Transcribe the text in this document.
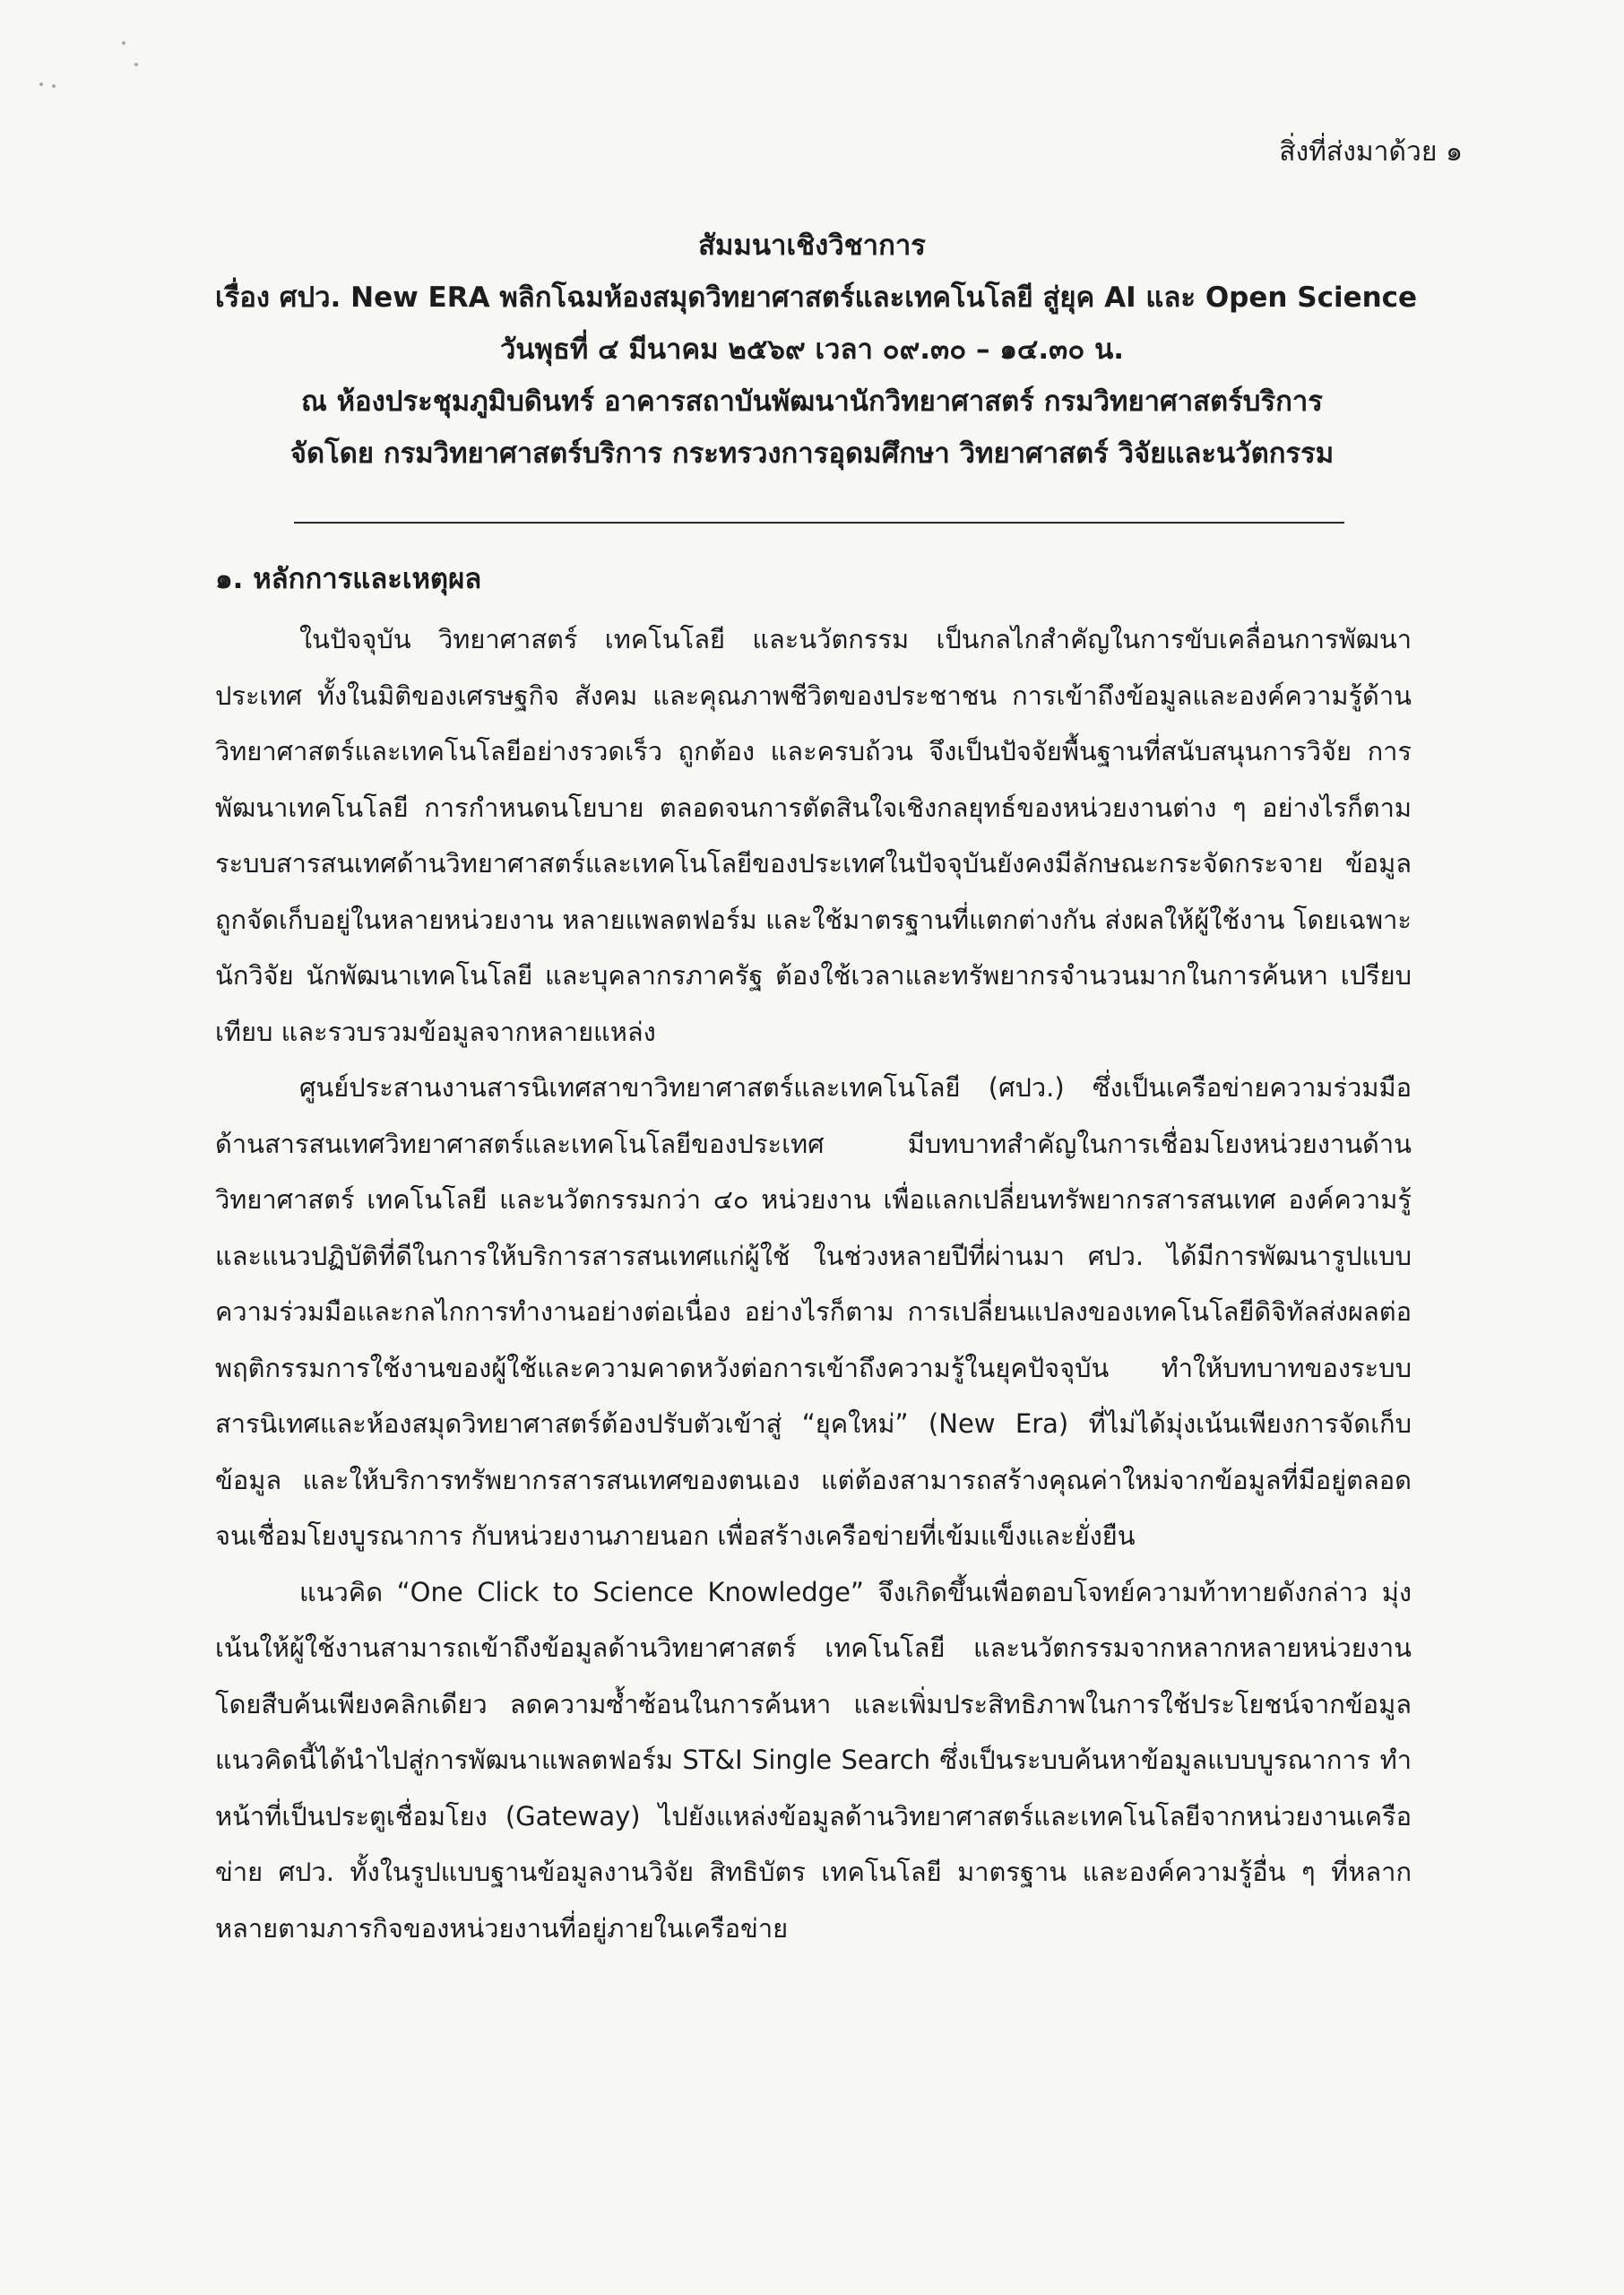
สิ่งที่ส่งมาด้วย ๑
สัมมนาเชิงวิชาการ
เรื่อง ศปว. New ERA พลิกโฉมห้องสมุดวิทยาศาสตร์และเทคโนโลยี สู่ยุค AI และ Open Science
วันพุธที่ ๔ มีนาคม ๒๕๖๙ เวลา ๐๙.๓๐ – ๑๔.๓๐ น.
ณ ห้องประชุมภูมิบดินทร์ อาคารสถาบันพัฒนานักวิทยาศาสตร์ กรมวิทยาศาสตร์บริการ
จัดโดย กรมวิทยาศาสตร์บริการ กระทรวงการอุดมศึกษา วิทยาศาสตร์ วิจัยและนวัตกรรม
๑. หลักการและเหตุผล

ในปัจจุบัน วิทยาศาสตร์ เทคโนโลยี และนวัตกรรม เป็นกลไกสำคัญในการขับเคลื่อนการพัฒนาประเทศ ทั้งในมิติของเศรษฐกิจ สังคม และคุณภาพชีวิตของประชาชน การเข้าถึงข้อมูลและองค์ความรู้ด้านวิทยาศาสตร์และเทคโนโลยีอย่างรวดเร็ว ถูกต้อง และครบถ้วน จึงเป็นปัจจัยพื้นฐานที่สนับสนุนการวิจัย การพัฒนาเทคโนโลยี การกำหนดนโยบาย ตลอดจนการตัดสินใจเชิงกลยุทธ์ของหน่วยงานต่าง ๆ อย่างไรก็ตาม ระบบสารสนเทศด้านวิทยาศาสตร์และเทคโนโลยีของประเทศในปัจจุบันยังคงมีลักษณะกระจัดกระจาย ข้อมูลถูกจัดเก็บอยู่ในหลายหน่วยงาน หลายแพลตฟอร์ม และใช้มาตรฐานที่แตกต่างกัน ส่งผลให้ผู้ใช้งาน โดยเฉพาะนักวิจัย นักพัฒนาเทคโนโลยี และบุคลากรภาครัฐ ต้องใช้เวลาและทรัพยากรจำนวนมากในการค้นหา เปรียบเทียบ และรวบรวมข้อมูลจากหลายแหล่ง

ศูนย์ประสานงานสารนิเทศสาขาวิทยาศาสตร์และเทคโนโลยี (ศปว.) ซึ่งเป็นเครือข่ายความร่วมมือด้านสารสนเทศวิทยาศาสตร์และเทคโนโลยีของประเทศ มีบทบาทสำคัญในการเชื่อมโยงหน่วยงานด้านวิทยาศาสตร์ เทคโนโลยี และนวัตกรรมกว่า ๔๐ หน่วยงาน เพื่อแลกเปลี่ยนทรัพยากรสารสนเทศ องค์ความรู้ และแนวปฏิบัติที่ดีในการให้บริการสารสนเทศแก่ผู้ใช้ ในช่วงหลายปีที่ผ่านมา ศปว. ได้มีการพัฒนารูปแบบความร่วมมือและกลไกการทำงานอย่างต่อเนื่อง อย่างไรก็ตาม การเปลี่ยนแปลงของเทคโนโลยีดิจิทัลส่งผลต่อพฤติกรรมการใช้งานของผู้ใช้และความคาดหวังต่อการเข้าถึงความรู้ในยุคปัจจุบัน ทำให้บทบาทของระบบสารนิเทศและห้องสมุดวิทยาศาสตร์ต้องปรับตัวเข้าสู่ “ยุคใหม่” (New Era) ที่ไม่ได้มุ่งเน้นเพียงการจัดเก็บข้อมูล และให้บริการทรัพยากรสารสนเทศของตนเอง แต่ต้องสามารถสร้างคุณค่าใหม่จากข้อมูลที่มีอยู่ตลอดจนเชื่อมโยงบูรณาการ กับหน่วยงานภายนอก เพื่อสร้างเครือข่ายที่เข้มแข็งและยั่งยืน

แนวคิด “One Click to Science Knowledge” จึงเกิดขึ้นเพื่อตอบโจทย์ความท้าทายดังกล่าว มุ่งเน้นให้ผู้ใช้งานสามารถเข้าถึงข้อมูลด้านวิทยาศาสตร์ เทคโนโลยี และนวัตกรรมจากหลากหลายหน่วยงานโดยสืบค้นเพียงคลิกเดียว ลดความซ้ำซ้อนในการค้นหา และเพิ่มประสิทธิภาพในการใช้ประโยชน์จากข้อมูล แนวคิดนี้ได้นำไปสู่การพัฒนาแพลตฟอร์ม ST&I Single Search ซึ่งเป็นระบบค้นหาข้อมูลแบบบูรณาการ ทำหน้าที่เป็นประตูเชื่อมโยง (Gateway) ไปยังแหล่งข้อมูลด้านวิทยาศาสตร์และเทคโนโลยีจากหน่วยงานเครือข่าย ศปว. ทั้งในรูปแบบฐานข้อมูลงานวิจัย สิทธิบัตร เทคโนโลยี มาตรฐาน และองค์ความรู้อื่น ๆ ที่หลากหลายตามภารกิจของหน่วยงานที่อยู่ภายในเครือข่าย
